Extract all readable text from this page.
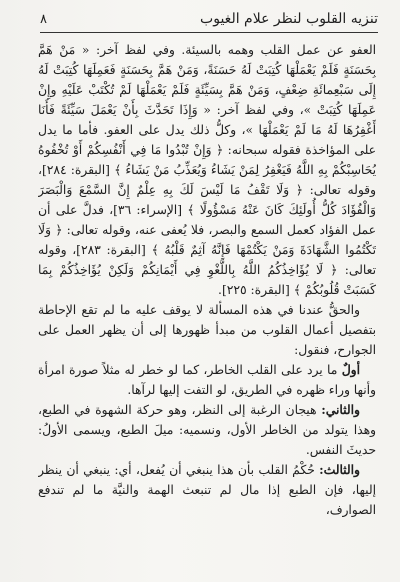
تنزيه القلوب لنظر علام الغيوب
٨

العفو عن عمل القلب وهمه بالسيئة. وفي لفظ آخر: « مَنْ هَمَّ بِحَسَنَةٍ فَلَمْ يَعْمَلْهَا كُتِبَتْ لَهُ حَسَنَةً، وَمَنْ هَمَّ بِحَسَنَةٍ فَعَمِلَهَا كُتِبَتْ لَهُ إِلَى سَبْعِمائَةِ ضِعْفٍ، وَمَنْ هَمَّ بِسَيِّئَةٍ فَلَمْ يَعْمَلْهَا لَمْ تُكْتَبْ عَلَيْهِ وإِنْ عَمِلَهَا كُتِبَتْ »، وفي لفظ آخر: « وَإِذَا تَحَدَّثَ بِأَنْ يَعْمَلَ سَيِّئَةً فَأَنَا أَغْفِرُهَا لَهُ مَا لَمْ يَعْمَلْهَا »، وكلُّ ذلك يدل على العفو. فأما ما يدل على المؤاخذة فقوله سبحانه: ﴿ وَإِنْ تُبْدُوا مَا فِي أَنْفُسِكُمْ أَوْ تُخْفُوهُ يُحَاسِبْكُمْ بِهِ اللَّهُ فَيَغْفِرُ لِمَنْ يَشَاءُ وَيُعَذِّبُ مَنْ يَشَاءُ ﴾ [البقرة: ٢٨٤]، وقوله تعالى: ﴿ وَلَا تَقْفُ مَا لَيْسَ لَكَ بِهِ عِلْمٌ إِنَّ السَّمْعَ وَالْبَصَرَ وَالْفُؤَادَ كُلُّ أُولَئِكَ كَانَ عَنْهُ مَسْؤُولًا ﴾ [الإسراء: ٣٦]، فدلَّ على أن عمل الفؤاد كعمل السمع والبصر، فلا يُعفى عنه، وقوله تعالى: ﴿ وَلَا تَكْتُمُوا الشَّهَادَةَ وَمَنْ يَكْتُمْهَا فَإِنَّهُ آثِمٌ قَلْبُهُ ﴾ [البقرة: ٢٨٣]، وقوله تعالى: ﴿ لَا يُؤَاخِذُكُمُ اللَّهُ بِاللَّغْوِ فِي أَيْمَانِكُمْ وَلَكِنْ يُؤَاخِذُكُمْ بِمَا كَسَبَتْ قُلُوبُكُمْ ﴾ [البقرة: ٢٢٥].

والحقُّ عندنا في هذه المسألة لا يوقف عليه ما لم تقع الإحاطة بتفصيل أعمال القلوب من مبدأ ظهورها إلى أن يظهر العمل على الجوارح، فنقول:

أولٌ ما يرد على القلب الخاطر، كما لو خطر له مثلاً صورة امرأة وأنها وراء ظهره في الطريق، لو التفت إليها لرآها.

والثاني: هيجان الرغبة إلى النظر، وهو حركة الشهوة في الطبع، وهذا يتولد من الخاطر الأول، ونسميه: ميلَ الطبع، ويسمى الأولُ: حديثَ النفس.

والثالث: حُكْمُ القلب بأن هذا ينبغي أن يُفعل، أي: ينبغي أن ينظر إليها، فإن الطبع إذا مال لم تنبعث الهمة والنيَّة ما لم تندفع الصوارف،
